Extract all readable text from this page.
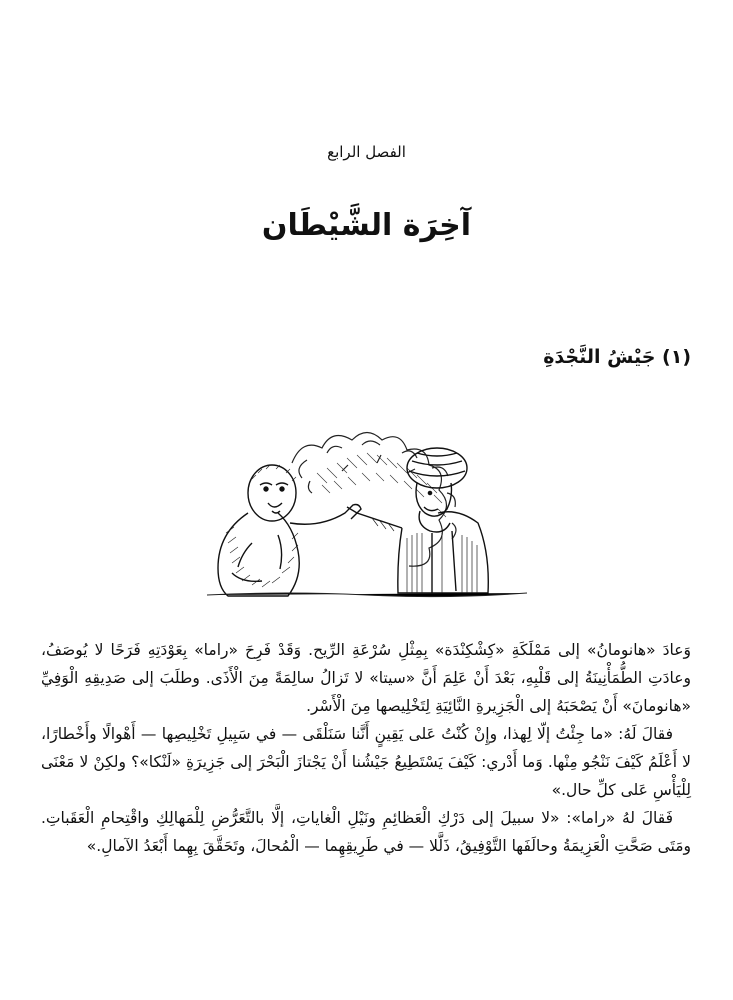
الفصل الرابع
آخِرَة الشَّيْطَان
(١) جَيْشُ النَّجْدَةِ

وَعادَ «هانومانُ» إلى مَمْلَكَةِ «كِشْكِنْدَة» بِمِثْلِ سُرْعَةِ الرِّيح. وَقَدْ فَرِحَ «راما» بِعَوْدَتِهِ فَرَحًا لا يُوصَفُ، وعادَتِ الطُّمَأْنِينَةُ إلى قَلْبِهِ، بَعْدَ أَنْ عَلِمَ أَنَّ «سيتا» لا تَزالُ سالِمَةً مِنَ الْأَذَى. وطلَبَ إلى صَدِيقِهِ الْوَفِيِّ «هانومانَ» أَنْ يَصْحَبَهُ إلى الْجَزِيرةِ النَّائِيَةِ لِتَخْلِيصها مِنَ الْأَسْر.

فقالَ لَهُ: «ما جِئْتُ إلّا لِهذا، وإِنْ كُنْتُ عَلى يَقِينٍ أَنَّنا سَنَلْقَى — في سَبِيلِ تَخْلِيصِها — أَهْوالًا وأَخْطارًا، لا أَعْلَمُ كَيْفَ نَنْجُو مِنْها. وَما أَدْري: كَيْفَ يَسْتَطِيعُ جَيْشُنا أَنْ يَجْتازَ الْبَحْرَ إلى جَزِيرَةِ «لَنْكا»؟ ولكِنْ لا مَعْنَى لِلْيَأْسِ عَلى كلِّ حال.»

فَقالَ لهُ «راما»: «لا سبيلَ إلى دَرْكِ الْعَظائِمِ ونَيْلِ الْغاياتِ، إلَّا بالتَّعَرُّضِ لِلْمَهالِكِ واقْتِحامِ الْعَقَباتِ. ومَتَى صَحَّتِ الْعَزِيمَةُ وحالَفَها التَّوْفِيقُ، ذَلَّلا — في طَرِيقِهِما — الْمُحالَ، وتَحَقَّقَ بِهِما أَبْعَدُ الآمالِ.»
